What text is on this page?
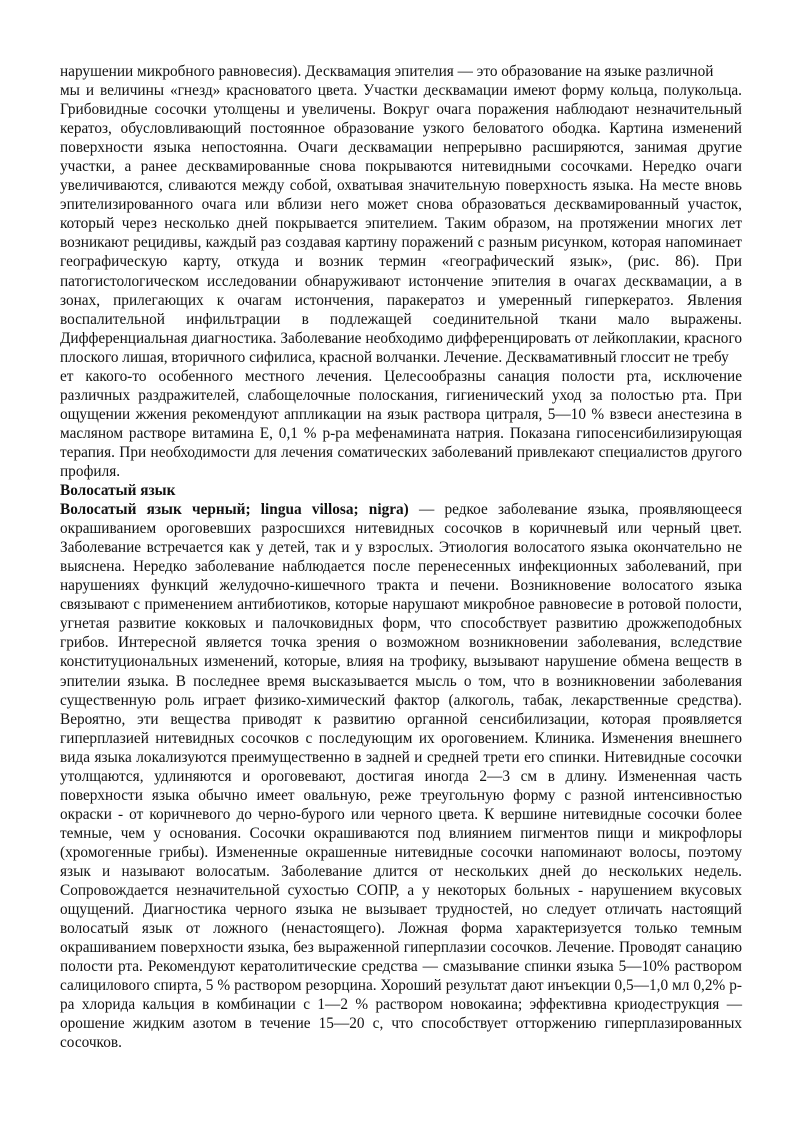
нарушении микробного равновесия). Десквамация эпителия — это образование на языке различной

мы и величины «гнезд» красноватого цвета. Участки десквамации имеют форму кольца, полукольца. Грибовидные сосочки утолщены и увеличены. Вокруг очага поражения наблюдают незначительный кератоз, обусловливающий постоянное образование узкого беловатого ободка. Картина изменений поверхности языка непостоянна. Очаги десквамации непрерывно расширяются, занимая другие участки, а ранее десквамированные снова покрываются нитевидными сосочками. Нередко очаги увеличиваются, сливаются между собой, охватывая значительную поверхность языка. На месте вновь эпителизированного очага или вблизи него может снова образоваться десквамированный участок, который через несколько дней покрывается эпителием. Таким образом, на протяжении многих лет возникают рецидивы, каждый раз создавая картину поражений с разным рисунком, которая напоминает географическую карту, откуда и возник термин «географический язык», (рис. 86). При патогистологическом исследовании обнаруживают истончение эпителия в очагах десквамации, а в зонах, прилегающих к очагам истончения, паракератоз и умеренный гиперкератоз. Явления воспалительной инфильтрации в подлежащей соединительной ткани мало выражены. Дифференциальная диагностика. Заболевание необходимо дифференцировать от лейкоплакии, красного плоского лишая, вторичного сифилиса, красной волчанки. Лечение. Десквамативный глоссит не требу

ет какого-то особенного местного лечения. Целесообразны санация полости рта, исключение различных раздражителей, слабощелочные полоскания, гигиенический уход за полостью рта. При ощущении жжения рекомендуют аппликации на язык раствора цитраля, 5—10 % взвеси анестезина в масляном растворе витамина Е, 0,1 % р-ра мефенамината натрия. Показана гипосенсибилизирующая терапия. При необходимости для лечения соматических заболеваний привлекают специалистов другого профиля.

Волосатый язык

Волосатый язык черный; lingua villosa; nigra) — редкое заболевание языка, проявляющееся окрашиванием ороговевших разросшихся нитевидных сосочков в коричневый или черный цвет. Заболевание встречается как у детей, так и у взрослых. Этиология волосатого языка окончательно не выяснена. Нередко заболевание наблюдается после перенесенных инфекционных заболеваний, при нарушениях функций желудочно-кишечного тракта и печени. Возникновение волосатого языка связывают с применением антибиотиков, которые нарушают микробное равновесие в ротовой полости, угнетая развитие кокковых и палочковидных форм, что способствует развитию дрожжеподобных грибов. Интересной является точка зрения о возможном возникновении заболевания, вследствие конституциональных изменений, которые, влияя на трофику, вызывают нарушение обмена веществ в эпителии языка. В последнее время высказывается мысль о том, что в возникновении заболевания существенную роль играет физико-химический фактор (алкоголь, табак, лекарственные средства). Вероятно, эти вещества приводят к развитию органной сенсибилизации, которая проявляется гиперплазией нитевидных сосочков с последующим их ороговением. Клиника. Изменения внешнего вида языка локализуются преимущественно в задней и средней трети его спинки. Нитевидные сосочки утолщаются, удлиняются и ороговевают, достигая иногда 2—3 см в длину. Измененная часть поверхности языка обычно имеет овальную, реже треугольную форму с разной интенсивностью окраски - от коричневого до черно-бурого или черного цвета. К вершине нитевидные сосочки более темные, чем у основания. Сосочки окрашиваются под влиянием пигментов пищи и микрофлоры (хромогенные грибы). Измененные окрашенные нитевидные сосочки напоминают волосы, поэтому язык и называют волосатым. Заболевание длится от нескольких дней до нескольких недель. Сопровождается незначительной сухостью СОПР, а у некоторых больных - нарушением вкусовых ощущений. Диагностика черного языка не вызывает трудностей, но следует отличать настоящий волосатый язык от ложного (ненастоящего). Ложная форма характеризуется только темным окрашиванием поверхности языка, без выраженной гиперплазии сосочков. Лечение. Проводят санацию полости рта. Рекомендуют кератолитические средства — смазывание спинки языка 5—10% раствором салицилового спирта, 5 % раствором резорцина. Хороший результат дают инъекции 0,5—1,0 мл 0,2% р-ра хлорида кальция в комбинации с 1—2 % раствором новокаина; эффективна криодеструкция — орошение жидким азотом в течение 15—20 с, что способствует отторжению гиперплазированных сосочков.
